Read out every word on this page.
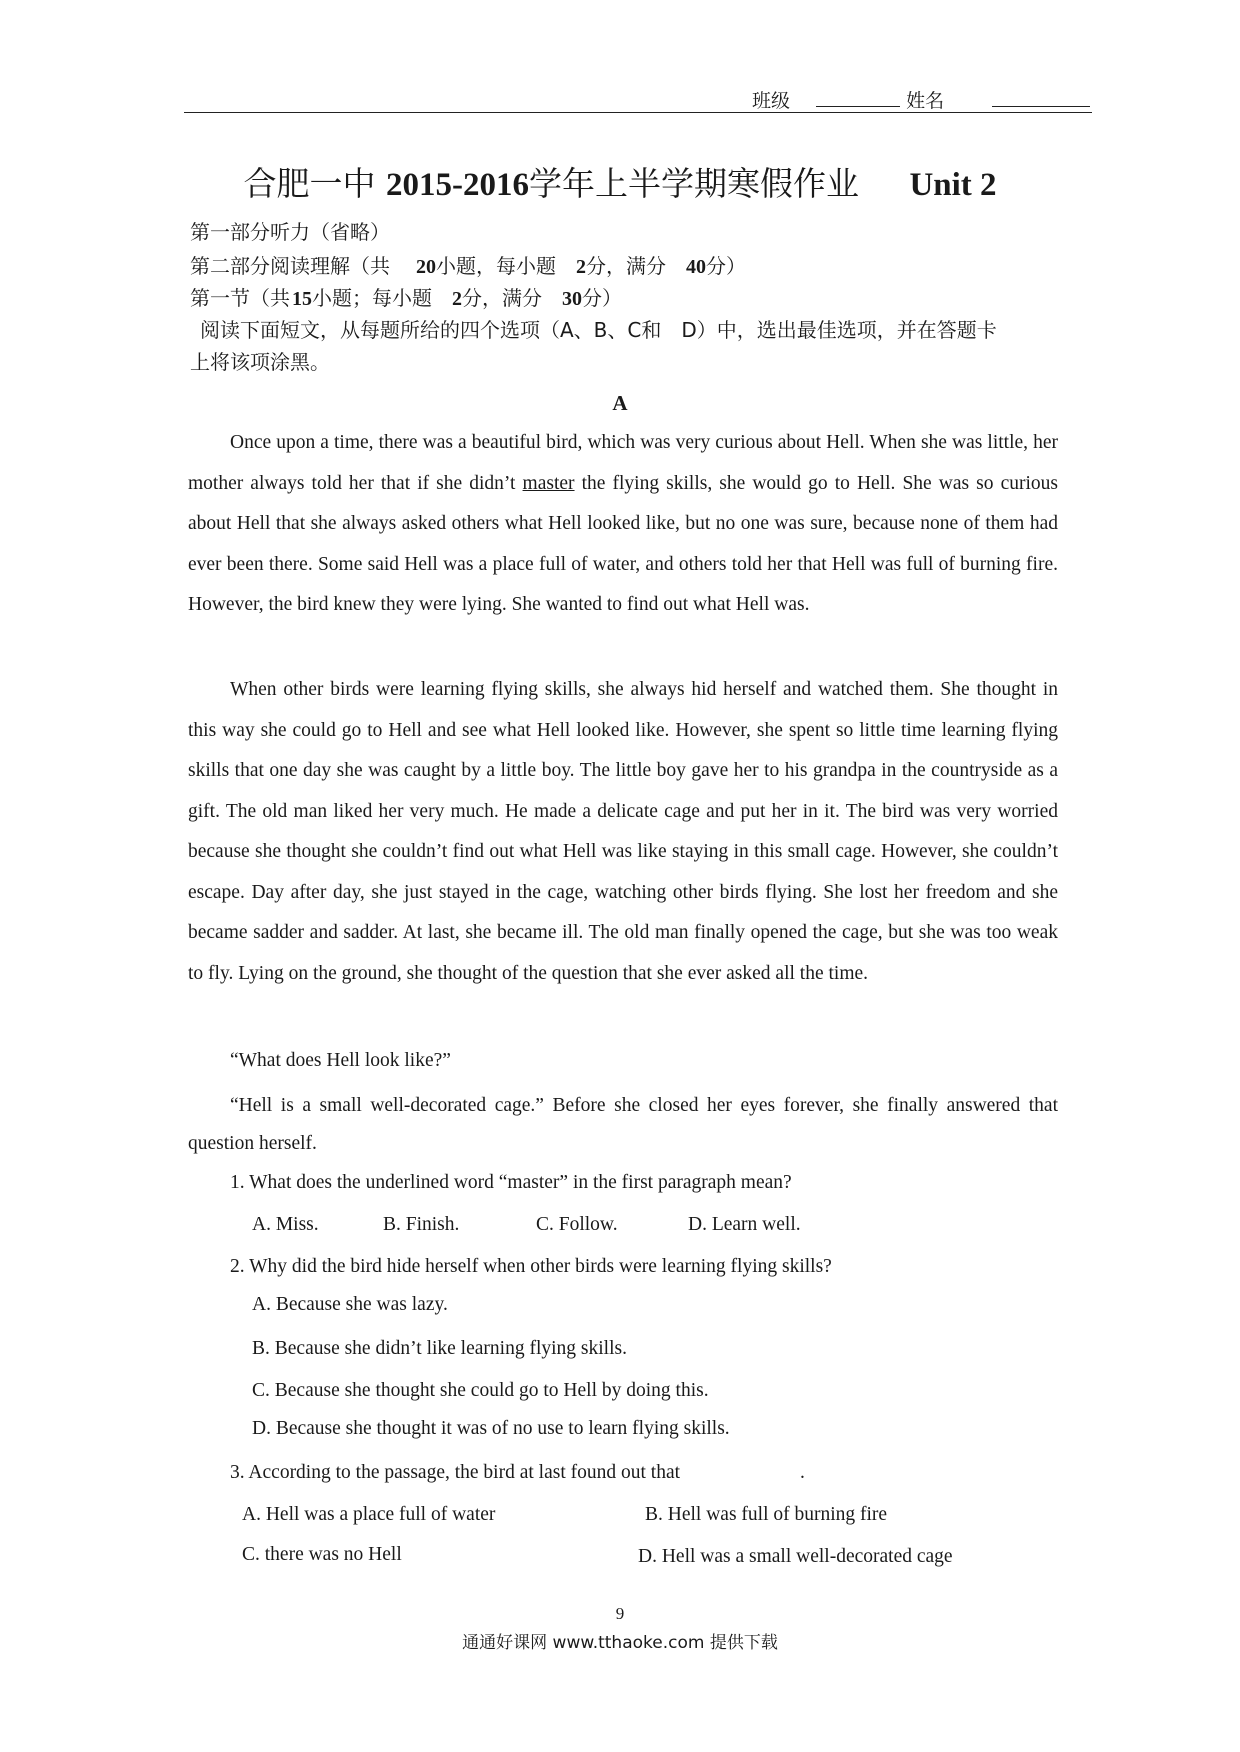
班级	姓名
合肥一中 2015-2016学年上半学期寒假作业 Unit 2
第一部分听力（省略）
第二部分阅读理解（共 20小题，每小题 2分，满分 40分）
第一节（共 15小题；每小题 2分，满分 30分）
阅读下面短文，从每题所给的四个选项（A、B、C和　D）中，选出最佳选项，并在答题卡
上将该项涂黑。
A
Once upon a time, there was a beautiful bird, which was very curious about Hell. When she was little, her mother always told her that if she didn’t master the flying skills, she would go to Hell. She was so curious about Hell that she always asked others what Hell looked like, but no one was sure, because none of them had ever been there. Some said Hell was a place full of water, and others told her that Hell was full of burning fire. However, the bird knew they were lying. She wanted to find out what Hell was.
When other birds were learning flying skills, she always hid herself and watched them. She thought in this way she could go to Hell and see what Hell looked like. However, she spent so little time learning flying skills that one day she was caught by a little boy. The little boy gave her to his grandpa in the countryside as a gift. The old man liked her very much. He made a delicate cage and put her in it. The bird was very worried because she thought she couldn’t find out what Hell was like staying in this small cage. However, she couldn’t escape. Day after day, she just stayed in the cage, watching other birds flying. She lost her freedom and she became sadder and sadder. At last, she became ill. The old man finally opened the cage, but she was too weak to fly. Lying on the ground, she thought of the question that she ever asked all the time.
“What does Hell look like?”
“Hell is a small well-decorated cage.” Before she closed her eyes forever, she finally answered that question herself.
1. What does the underlined word “master” in the first paragraph mean?
A. Miss.	B. Finish.	C. Follow.	D. Learn well.
2. Why did the bird hide herself when other birds were learning flying skills?
A. Because she was lazy.
B. Because she didn’t like learning flying skills.
C. Because she thought she could go to Hell by doing this.
D. Because she thought it was of no use to learn flying skills.
3. According to the passage, the bird at last found out that	.
A. Hell was a place full of water	B. Hell was full of burning fire
C. there was no Hell	D. Hell was a small well-decorated cage
9
通通好课网 www.tthaoke.com 提供下载
